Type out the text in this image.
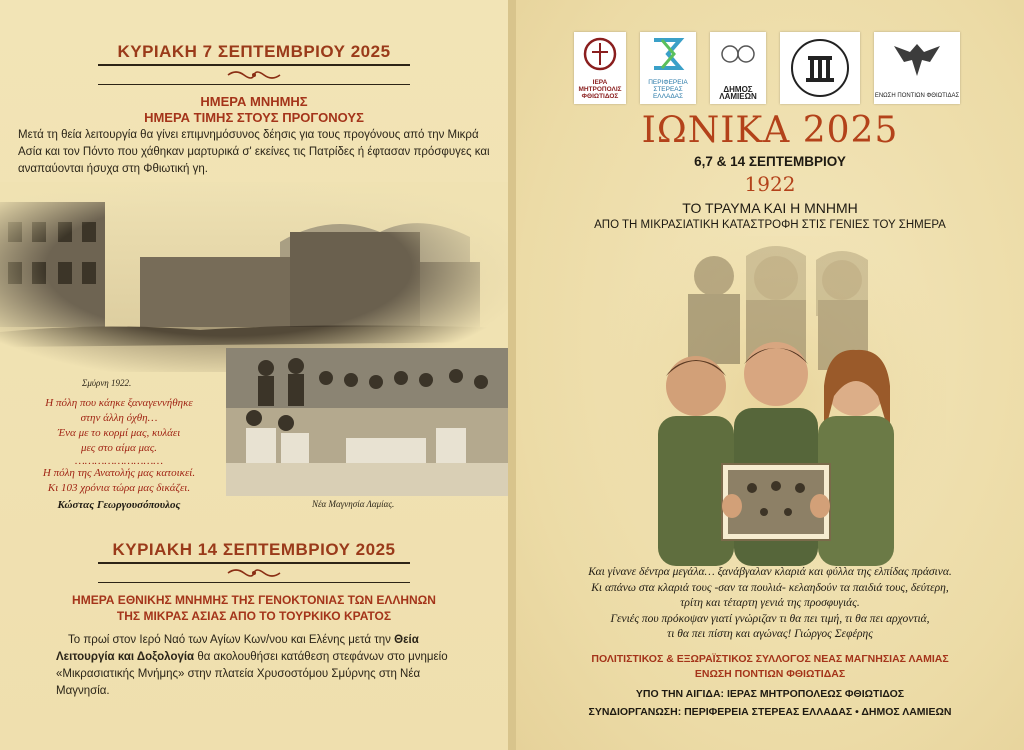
ΚΥΡΙΑΚΗ 7 ΣΕΠΤΕΜΒΡΙΟΥ 2025
ΗΜΕΡΑ ΜΝΗΜΗΣ
ΗΜΕΡΑ ΤΙΜΗΣ ΣΤΟΥΣ ΠΡΟΓΟΝΟΥΣ
Μετά τη θεία λειτουργία θα γίνει επιμνημόσυνος δέησις για τους προγόνους από την Μικρά Ασία και τον Πόντο που χάθηκαν μαρτυρικά σ' εκείνες τις Πατρίδες ή έφτασαν πρόσφυγες και αναπαύονται ήσυχα στη Φθιωτική γη.
Σμύρνη 1922.
Η πόλη που κάηκε ξαναγεννήθηκε
στην άλλη όχθη…
Ένα με το κορμί μας, κυλάει
μες στο αίμα μας.
………………………
Η πόλη της Ανατολής μας κατοικεί.
Κι 103 χρόνια τώρα μας δικάζει.
Κώστας Γεωργουσόπουλος	Νέα Μαγνησία Λαμίας.
ΚΥΡΙΑΚΗ 14 ΣΕΠΤΕΜΒΡΙΟΥ 2025
ΗΜΕΡΑ ΕΘΝΙΚΗΣ ΜΝΗΜΗΣ ΤΗΣ ΓΕΝΟΚΤΟΝΙΑΣ ΤΩΝ ΕΛΛΗΝΩΝ
ΤΗΣ ΜΙΚΡΑΣ ΑΣΙΑΣ ΑΠΟ ΤΟ ΤΟΥΡΚΙΚΟ ΚΡΑΤΟΣ
Το πρωί στον Ιερό Ναό των Αγίων Κων/νου και Ελένης μετά την Θεία Λειτουργία και Δοξολογία θα ακολουθήσει κατάθεση στεφάνων στο μνημείο «Μικρασιατικής Μνήμης» στην πλατεία Χρυσοστόμου Σμύρνης στη Νέα Μαγνησία.
ΙΕΡΑ ΜΗΤΡΟΠΟΛΙΣ ΦΘΙΩΤΙΔΟΣ
ΠΕΡΙΦΕΡΕΙΑ ΣΤΕΡΕΑΣ ΕΛΛΑΔΑΣ
ΔΗΜΟΣ ΛΑΜΙΕΩΝ	ΕΝΩΣΗ ΠΟΝΤΙΩΝ ΦΘΙΩΤΙΔΑΣ
ΙΩΝΙΚΑ 2025
6,7 & 14 ΣΕΠΤΕΜΒΡΙΟΥ
1922
ΤΟ ΤΡΑΥΜΑ ΚΑΙ Η ΜΝΗΜΗ
ΑΠΟ ΤΗ ΜΙΚΡΑΣΙΑΤΙΚΗ ΚΑΤΑΣΤΡΟΦΗ ΣΤΙΣ ΓΕΝΙΕΣ ΤΟΥ ΣΗΜΕΡΑ
Και γίνανε δέντρα μεγάλα… ξανάβγαλαν κλαριά και φύλλα της ελπίδας πράσινα.
Κι απάνω στα κλαριά τους -σαν τα πουλιά- κελαηδούν τα παιδιά τους, δεύτερη,
τρίτη και τέταρτη γενιά της προσφυγιάς.
Γενιές που πρόκοψαν γιατί γνώριζαν τι θα πει τιμή, τι θα πει αρχοντιά,
τι θα πει πίστη και αγώνας! Γιώργος Σεφέρης
ΠΟΛΙΤΙΣΤΙΚΟΣ & ΕΞΩΡΑΪΣΤΙΚΟΣ ΣΥΛΛΟΓΟΣ ΝΕΑΣ ΜΑΓΝΗΣΙΑΣ ΛΑΜΙΑΣ
ΕΝΩΣΗ ΠΟΝΤΙΩΝ ΦΘΙΩΤΙΔΑΣ
ΥΠΟ ΤΗΝ ΑΙΓΙΔΑ: ΙΕΡΑΣ ΜΗΤΡΟΠΟΛΕΩΣ ΦΘΙΩΤΙΔΟΣ
ΣΥΝΔΙΟΡΓΑΝΩΣΗ: ΠΕΡΙΦΕΡΕΙΑ ΣΤΕΡΕΑΣ ΕΛΛΑΔΑΣ • ΔΗΜΟΣ ΛΑΜΙΕΩΝ
